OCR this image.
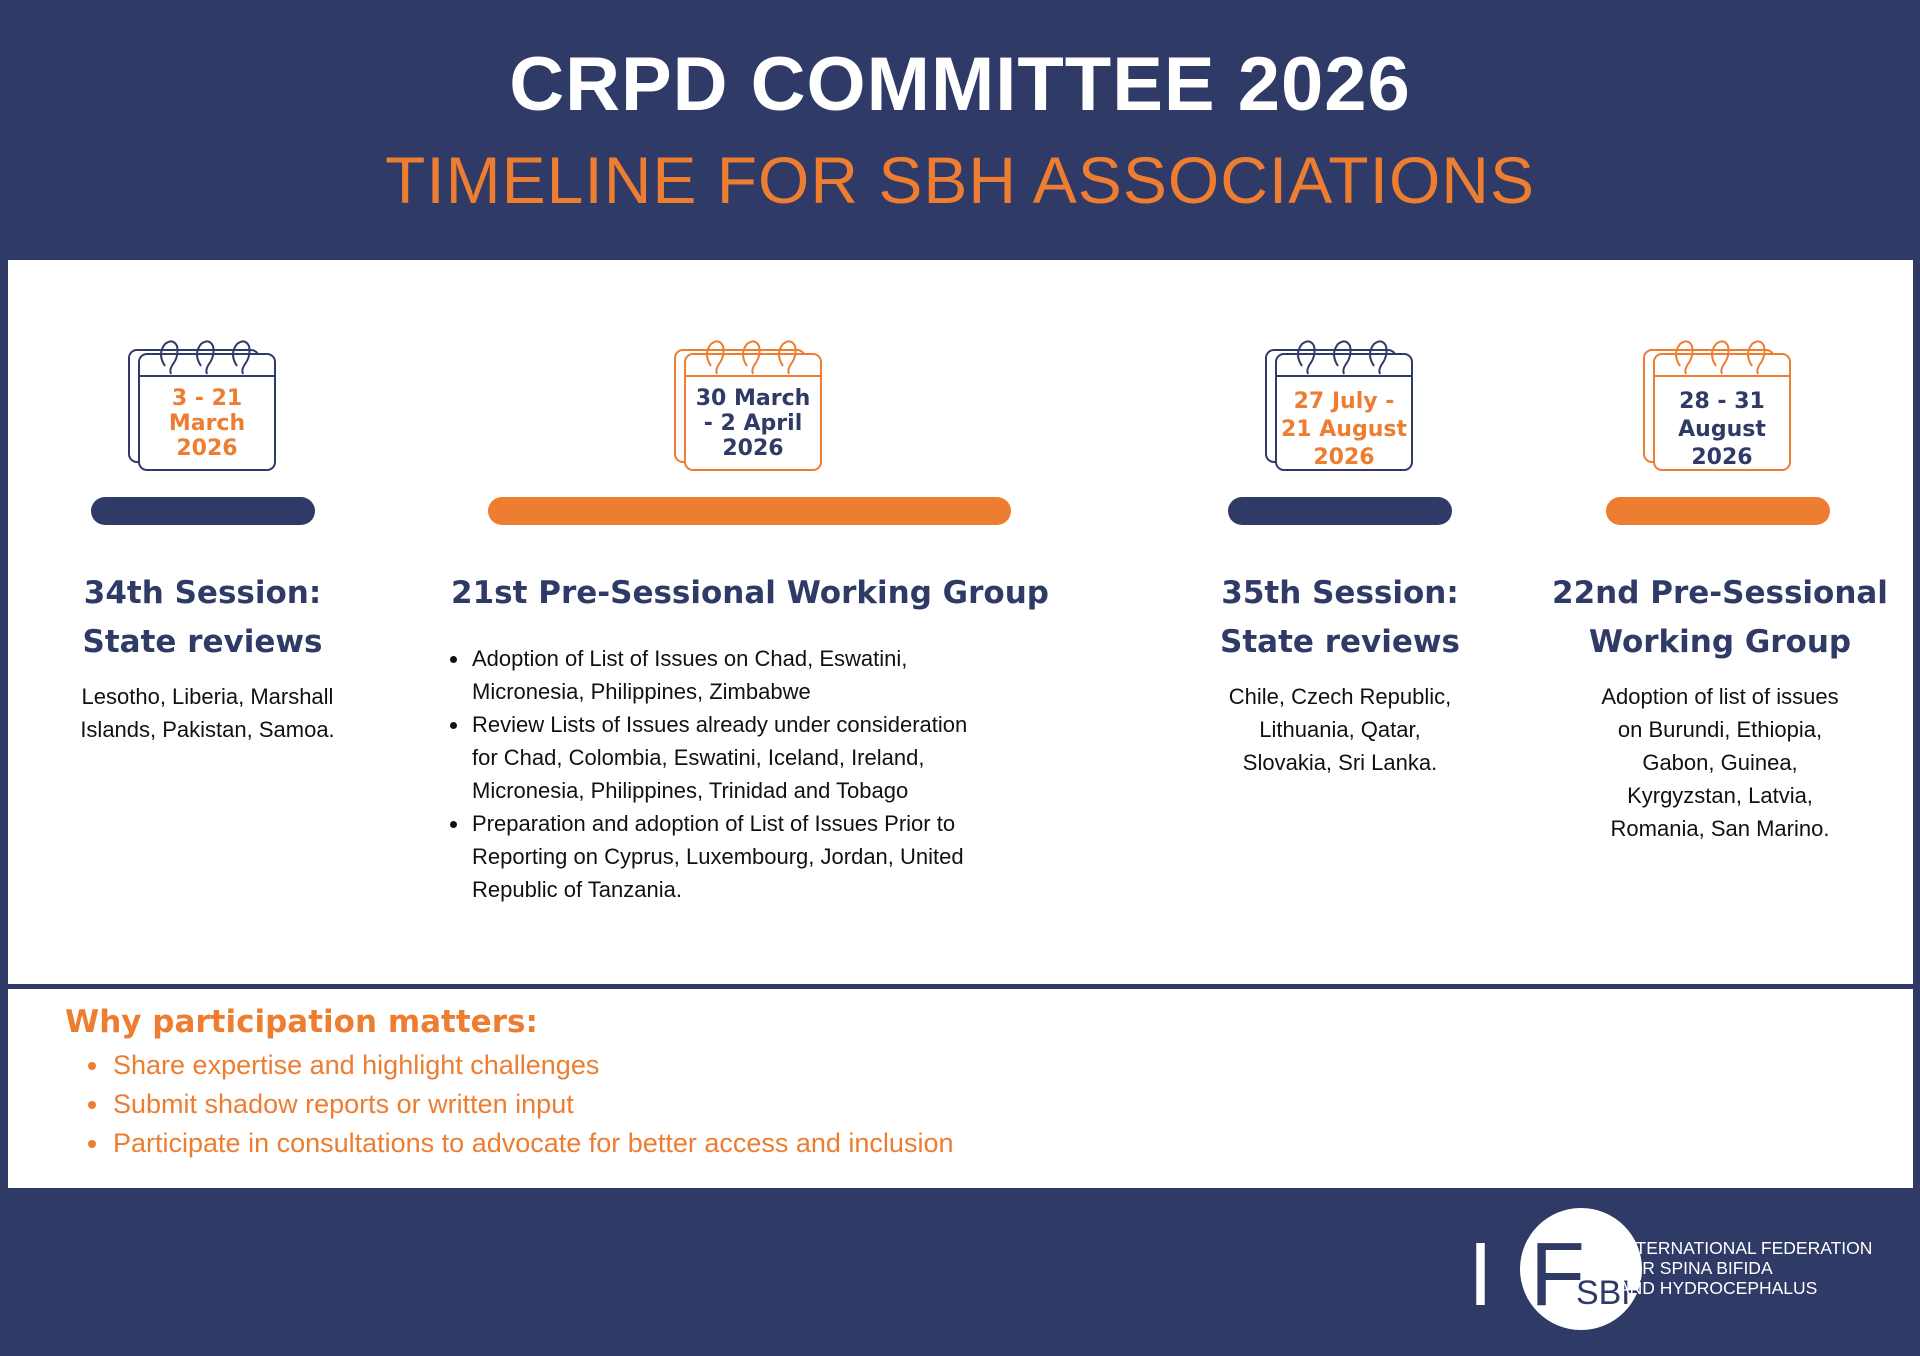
CRPD COMMITTEE 2026
TIMELINE FOR SBH ASSOCIATIONS
3 - 21
March
2026
34th Session:
State reviews
Lesotho, Liberia, Marshall
Islands, Pakistan, Samoa.
30 March
- 2 April
2026
21st Pre-Sessional Working Group
Adoption of List of Issues on Chad, Eswatini,
Micronesia, Philippines, Zimbabwe
Review Lists of Issues already under consideration
for Chad, Colombia, Eswatini, Iceland, Ireland,
Micronesia, Philippines, Trinidad and Tobago
Preparation and adoption of List of Issues Prior to
Reporting on Cyprus, Luxembourg, Jordan, United
Republic of Tanzania.
27 July -
21 August
2026
35th Session:
State reviews
Chile, Czech Republic,
Lithuania, Qatar,
Slovakia, Sri Lanka.
28 - 31
August
2026
22nd Pre-Sessional
Working Group
Adoption of list of issues
on Burundi, Ethiopia,
Gabon, Guinea,
Kyrgyzstan, Latvia,
Romania, San Marino.
Why participation matters:
Share expertise and highlight challenges
Submit shadow reports or written input
Participate in consultations to advocate for better access and inclusion
I F
SBH
INTERNATIONAL FEDERATION
FOR SPINA BIFIDA
AND HYDROCEPHALUS
